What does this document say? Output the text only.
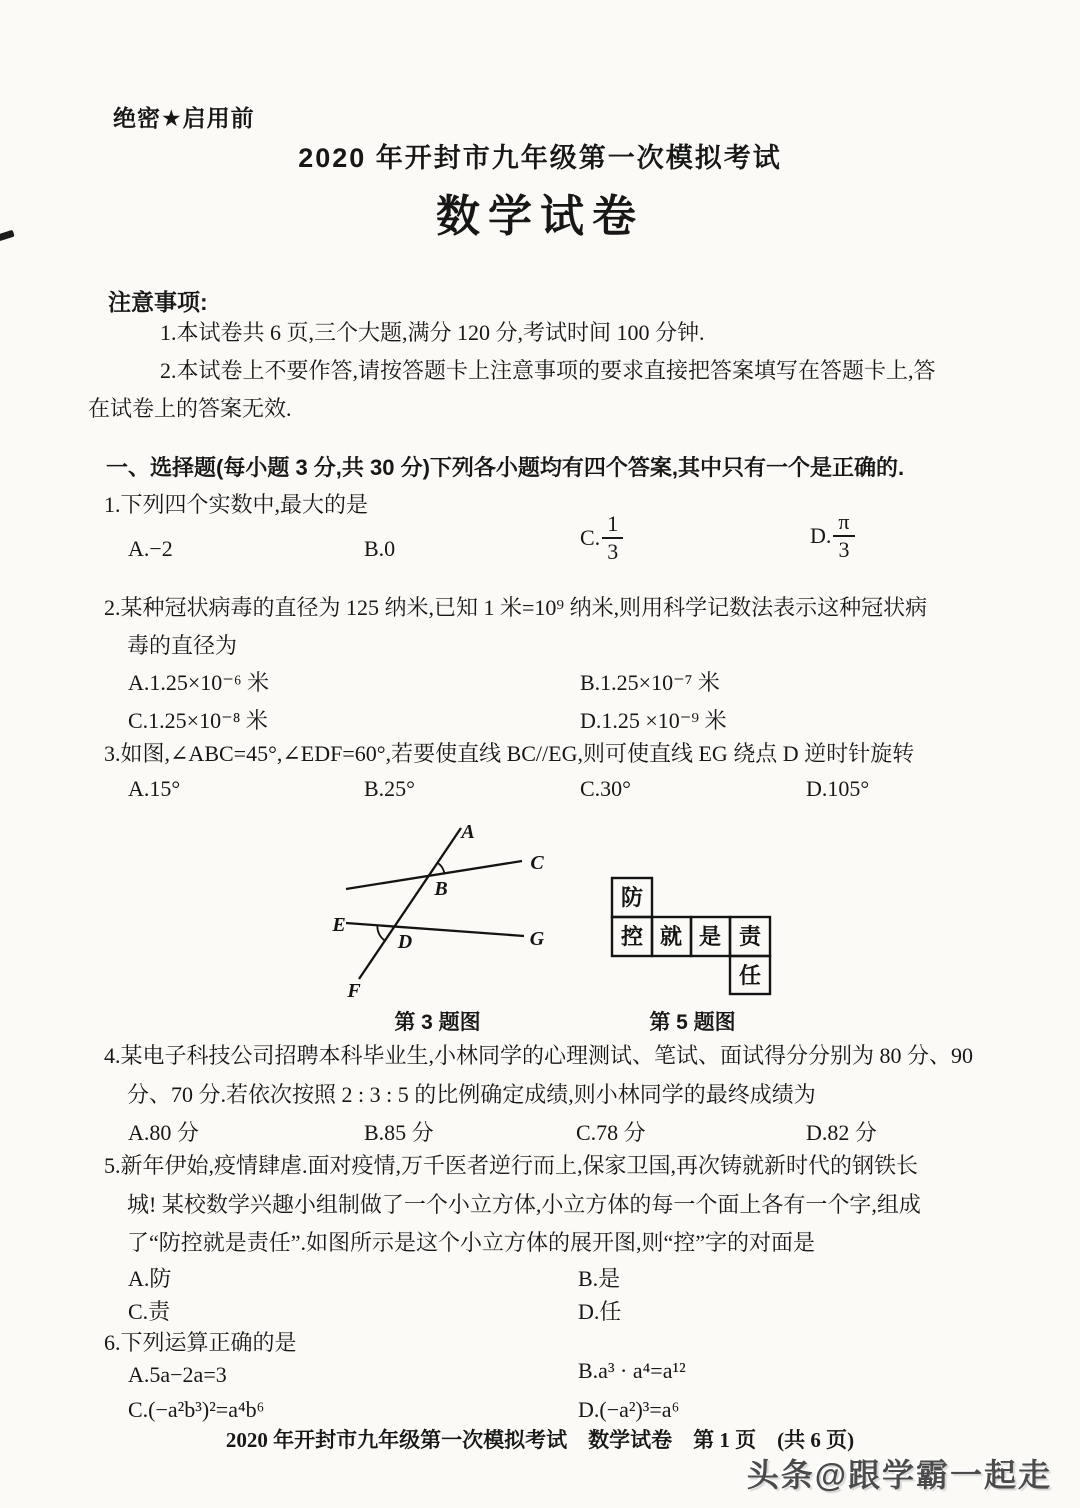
绝密★启用前
2020 年开封市九年级第一次模拟考试
数学试卷
注意事项:
1.本试卷共 6 页,三个大题,满分 120 分,考试时间 100 分钟.
2.本试卷上不要作答,请按答题卡上注意事项的要求直接把答案填写在答题卡上,答
在试卷上的答案无效.
一、选择题(每小题 3 分,共 30 分)下列各小题均有四个答案,其中只有一个是正确的.
1.下列四个实数中,最大的是
A.−2	B.0	C. $\frac{1}{3}$	D. $\frac{\pi}{3}$
2.某种冠状病毒的直径为 125 纳米,已知 1 米=10⁹ 纳米,则用科学记数法表示这种冠状病
毒的直径为
A.1.25×10⁻⁶ 米	B.1.25×10⁻⁷ 米
C.1.25×10⁻⁸ 米	D.1.25 ×10⁻⁹ 米
3.如图,∠ABC=45°,∠EDF=60°,若要使直线 BC//EG,则可使直线 EG 绕点 D 逆时针旋转
A.15°	B.25°	C.30°	D.105°
A
C
B
E
D	G
F
第 3 题图
防
控 就 是 责
任
第 5 题图
4.某电子科技公司招聘本科毕业生,小林同学的心理测试、笔试、面试得分分别为 80 分、90
分、70 分.若依次按照 2 : 3 : 5 的比例确定成绩,则小林同学的最终成绩为
A.80 分	B.85 分	C.78 分	D.82 分
5.新年伊始,疫情肆虐.面对疫情,万千医者逆行而上,保家卫国,再次铸就新时代的钢铁长
城! 某校数学兴趣小组制做了一个小立方体,小立方体的每一个面上各有一个字,组成
了“防控就是责任”.如图所示是这个小立方体的展开图,则“控”字的对面是
A.防	B.是
C.责	D.任
6.下列运算正确的是
A.5a−2a=3	B.a³ · a⁴=a¹²
C.(−a²b³)²=a⁴b⁶	D.(−a²)³=a⁶
2020 年开封市九年级第一次模拟考试　数学试卷　第 1 页　(共 6 页)
头条@跟学霸一起走
